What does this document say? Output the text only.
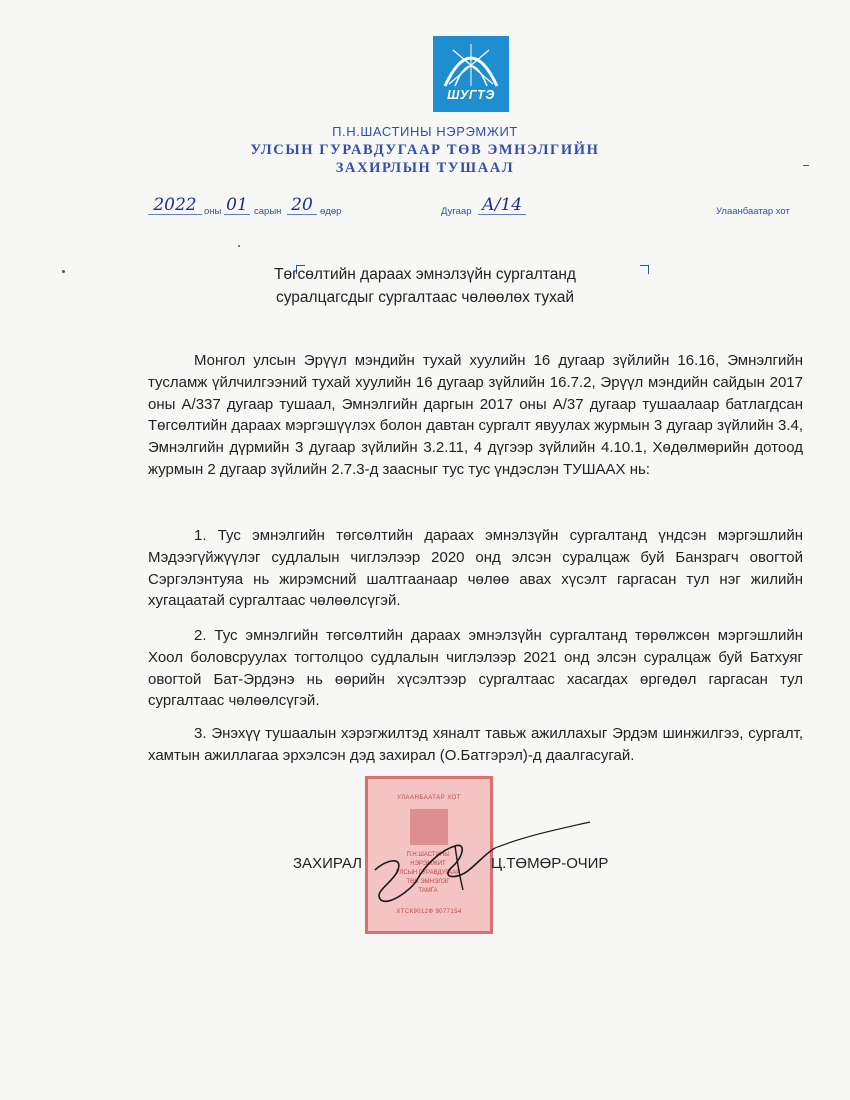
ШУГТЭ
П.Н.ШАСТИНЫ НЭРЭМЖИТ
УЛСЫН ГУРАВДУГААР ТӨВ ЭМНЭЛГИЙН
ЗАХИРЛЫН ТУШААЛ
2022 оны 01 сарын 20 өдөр	Дугаар А/14	Улаанбаатар хот
Төгсөлтийн дараах эмнэлзүйн сургалтанд
суралцагсдыг сургалтаас чөлөөлөх тухай
Монгол улсын Эрүүл мэндийн тухай хуулийн 16 дугаар зүйлийн 16.16, Эмнэлгийн тусламж үйлчилгээний тухай хуулийн 16 дугаар зүйлийн 16.7.2, Эрүүл мэндийн сайдын 2017 оны А/337 дугаар тушаал, Эмнэлгийн даргын 2017 оны А/37 дугаар тушаалаар батлагдсан Төгсөлтийн дараах мэргэшүүлэх болон давтан сургалт явуулах журмын 3 дугаар зүйлийн 3.4, Эмнэлгийн дүрмийн 3 дугаар зүйлийн 3.2.11, 4 дүгээр зүйлийн 4.10.1, Хөдөлмөрийн дотоод журмын 2 дугаар зүйлийн 2.7.3-д заасныг тус тус үндэслэн ТУШААХ нь:
1. Тус эмнэлгийн төгсөлтийн дараах эмнэлзүйн сургалтанд үндсэн мэргэшлийн Мэдээгүйжүүлэг судлалын чиглэлээр 2020 онд элсэн суралцаж буй Банзрагч овогтой Сэргэлэнтуяа нь жирэмсний шалтгаанаар чөлөө авах хүсэлт гаргасан тул нэг жилийн хугацаатай сургалтаас чөлөөлсүгэй.
2. Тус эмнэлгийн төгсөлтийн дараах эмнэлзүйн сургалтанд төрөлжсөн мэргэшлийн Хоол боловсруулах тогтолцоо судлалын чиглэлээр 2021 онд элсэн суралцаж буй Батхуяг овогтой Бат-Эрдэнэ нь өөрийн хүсэлтээр сургалтаас хасагдах өргөдөл гаргасан тул сургалтаас чөлөөлсүгэй.
3. Энэхүү тушаалын хэрэгжилтэд хяналт тавьж ажиллахыг Эрдэм шинжилгээ, сургалт, хамтын ажиллагаа эрхэлсэн дэд захирал (О.Батгэрэл)-д даалгасугай.
УЛААНБААТАР ХОТ
П.Н.ШАСТИНЫ
НЭРЭМЖИТ
УЛСЫН ГУРАВДУГААР
ТӨВ ЭМНЭЛЭГ
ТАМГА
ХТСК9012Ф 9077154
ЗАХИРАЛ	Ц.ТӨМӨР-ОЧИР
